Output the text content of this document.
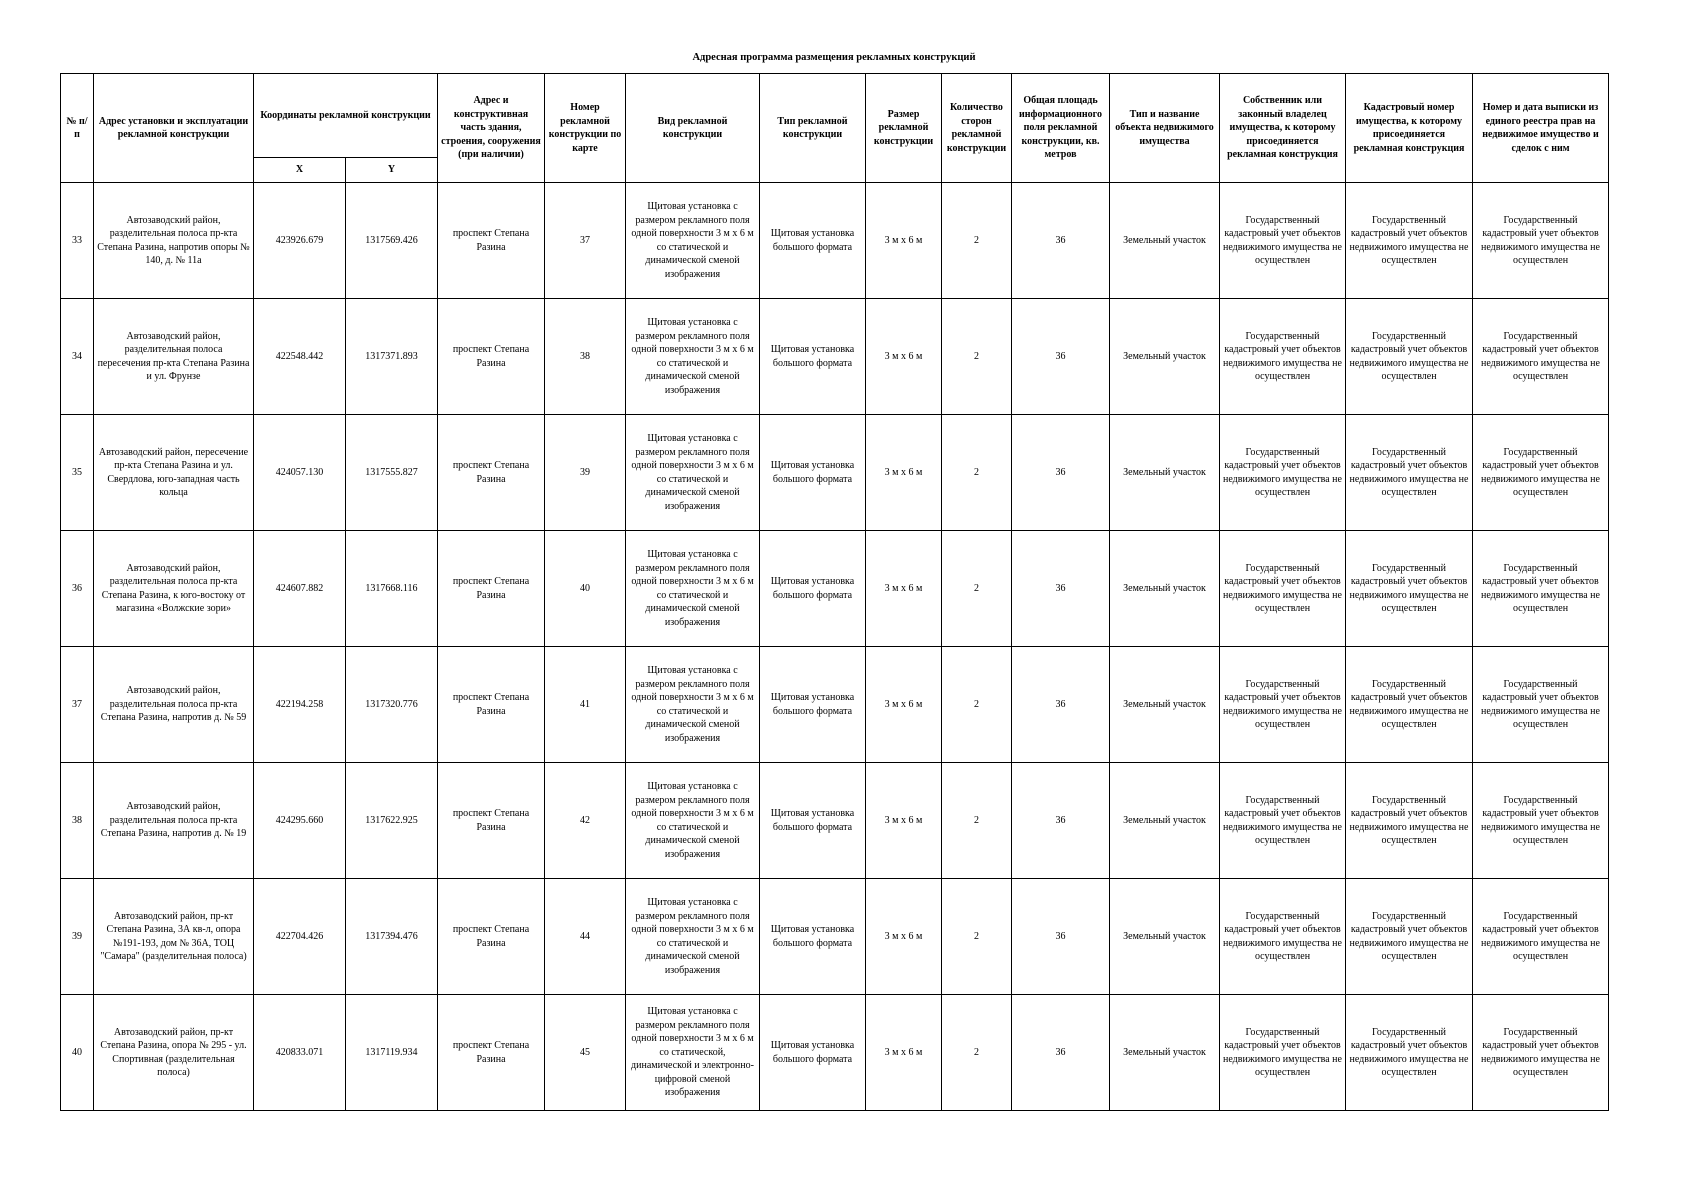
Адресная программа размещения рекламных конструкций
№ п/п	Адрес установки и эксплуатации рекламной конструкции	Координаты рекламной конструкции		Адрес и конструктивная часть здания, строения, сооружения (при наличии)	Номер рекламной конструкции по карте	Вид рекламной конструкции	Тип рекламной конструкции	Размер рекламной конструкции	Количество сторон рекламной конструкции	Общая площадь информационного поля рекламной конструкции, кв. метров	Тип и название объекта недвижимого имущества	Собственник или законный владелец имущества, к которому присоединяется рекламная конструкция	Кадастровый номер имущества, к которому присоединяется рекламная конструкция	Номер и дата выписки из единого реестра прав на недвижимое имущество и сделок с ним
		X	Y											
33	Автозаводский район, разделительная полоса пр-кта Степана Разина, напротив опоры № 140, д. № 11а	423926.679	1317569.426	проспект Степана Разина	37	Щитовая установка с размером рекламного поля одной поверхности 3 м х 6 м со статической и динамической сменой изображения	Щитовая установка большого формата	3 м х 6 м	2	36	Земельный участок	Государственный кадастровый учет объектов недвижимого имущества не осуществлен	Государственный кадастровый учет объектов недвижимого имущества не осуществлен	Государственный кадастровый учет объектов недвижимого имущества не осуществлен
34	Автозаводский район, разделительная полоса пересечения пр-кта Степана Разина и ул. Фрунзе	422548.442	1317371.893	проспект Степана Разина	38	Щитовая установка с размером рекламного поля одной поверхности 3 м х 6 м со статической и динамической сменой изображения	Щитовая установка большого формата	3 м х 6 м	2	36	Земельный участок	Государственный кадастровый учет объектов недвижимого имущества не осуществлен	Государственный кадастровый учет объектов недвижимого имущества не осуществлен	Государственный кадастровый учет объектов недвижимого имущества не осуществлен
35	Автозаводский район, пересечение пр-кта Степана Разина и ул. Свердлова, юго-западная часть кольца	424057.130	1317555.827	проспект Степана Разина	39	Щитовая установка с размером рекламного поля одной поверхности 3 м х 6 м со статической и динамической сменой изображения	Щитовая установка большого формата	3 м х 6 м	2	36	Земельный участок	Государственный кадастровый учет объектов недвижимого имущества не осуществлен	Государственный кадастровый учет объектов недвижимого имущества не осуществлен	Государственный кадастровый учет объектов недвижимого имущества не осуществлен
36	Автозаводский район, разделительная полоса пр-кта Степана Разина, к юго-востоку от магазина «Волжские зори»	424607.882	1317668.116	проспект Степана Разина	40	Щитовая установка с размером рекламного поля одной поверхности 3 м х 6 м со статической и динамической сменой изображения	Щитовая установка большого формата	3 м х 6 м	2	36	Земельный участок	Государственный кадастровый учет объектов недвижимого имущества не осуществлен	Государственный кадастровый учет объектов недвижимого имущества не осуществлен	Государственный кадастровый учет объектов недвижимого имущества не осуществлен
37	Автозаводский район, разделительная полоса пр-кта Степана Разина, напротив д. № 59	422194.258	1317320.776	проспект Степана Разина	41	Щитовая установка с размером рекламного поля одной поверхности 3 м х 6 м со статической и динамической сменой изображения	Щитовая установка большого формата	3 м х 6 м	2	36	Земельный участок	Государственный кадастровый учет объектов недвижимого имущества не осуществлен	Государственный кадастровый учет объектов недвижимого имущества не осуществлен	Государственный кадастровый учет объектов недвижимого имущества не осуществлен
38	Автозаводский район, разделительная полоса пр-кта Степана Разина, напротив д. № 19	424295.660	1317622.925	проспект Степана Разина	42	Щитовая установка с размером рекламного поля одной поверхности 3 м х 6 м со статической и динамической сменой изображения	Щитовая установка большого формата	3 м х 6 м	2	36	Земельный участок	Государственный кадастровый учет объектов недвижимого имущества не осуществлен	Государственный кадастровый учет объектов недвижимого имущества не осуществлен	Государственный кадастровый учет объектов недвижимого имущества не осуществлен
39	Автозаводский район, пр-кт Степана Разина, 3А кв-л, опора №191-193, дом № 36А, ТОЦ "Самара" (разделительная полоса)	422704.426	1317394.476	проспект Степана Разина	44	Щитовая установка с размером рекламного поля одной поверхности 3 м х 6 м со статической и динамической сменой изображения	Щитовая установка большого формата	3 м х 6 м	2	36	Земельный участок	Государственный кадастровый учет объектов недвижимого имущества не осуществлен	Государственный кадастровый учет объектов недвижимого имущества не осуществлен	Государственный кадастровый учет объектов недвижимого имущества не осуществлен
40	Автозаводский район, пр-кт Степана Разина, опора № 295 - ул. Спортивная (разделительная полоса)	420833.071	1317119.934	проспект Степана Разина	45	Щитовая установка с размером рекламного поля одной поверхности 3 м х 6 м со статической, динамической и электронно-цифровой сменой изображения	Щитовая установка большого формата	3 м х 6 м	2	36	Земельный участок	Государственный кадастровый учет объектов недвижимого имущества не осуществлен	Государственный кадастровый учет объектов недвижимого имущества не осуществлен	Государственный кадастровый учет объектов недвижимого имущества не осуществлен
